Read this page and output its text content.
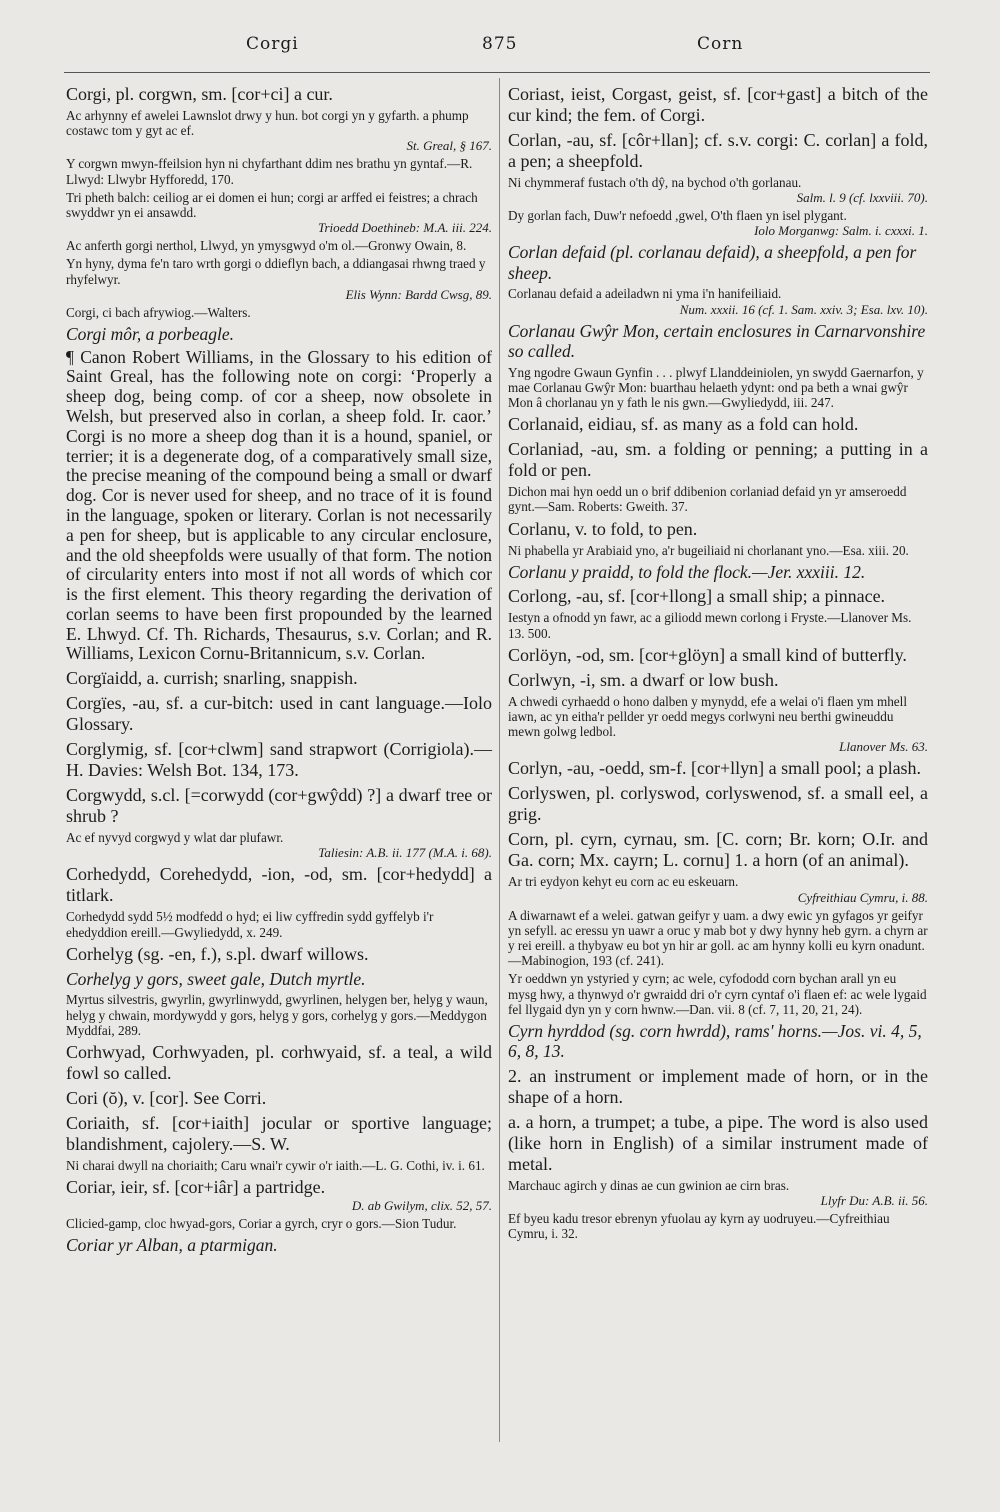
Corgi	875	Corn

Corgi, pl. corgwn, sm. [cor+ci] a cur.

Ac arhynny ef awelei Lawnslot drwy y hun. bot corgi yn y gyfarth. a phump costawc tom y gyt ac ef.

St. Greal, § 167.

Y corgwn mwyn-ffeilsion hyn ni chyfarthant ddim nes brathu yn gyntaf.—R. Llwyd: Llwybr Hyfforedd, 170.

Tri pheth balch: ceiliog ar ei domen ei hun; corgi ar arffed ei feistres; a chrach swyddwr yn ei ansawdd.

Trioedd Doethineb: M.A. iii. 224.

Ac anferth gorgi nerthol, Llwyd, yn ymysgwyd o'm ol.—Gronwy Owain, 8.

Yn hyny, dyma fe'n taro wrth gorgi o ddieflyn bach, a ddiangasai rhwng traed y rhyfelwyr.

Elis Wynn: Bardd Cwsg, 89.

Corgi, ci bach afrywiog.—Walters.

Corgi môr, a porbeagle.

¶ Canon Robert Williams, in the Glossary to his edition of Saint Greal, has the following note on corgi: ‘Properly a sheep dog, being comp. of cor a sheep, now obsolete in Welsh, but preserved also in corlan, a sheep fold. Ir. caor.’ Corgi is no more a sheep dog than it is a hound, spaniel, or terrier; it is a degenerate dog, of a comparatively small size, the precise meaning of the compound being a small or dwarf dog. Cor is never used for sheep, and no trace of it is found in the language, spoken or literary. Corlan is not necessarily a pen for sheep, but is applicable to any circular enclosure, and the old sheepfolds were usually of that form. The notion of circularity enters into most if not all words of which cor is the first element. This theory regarding the derivation of corlan seems to have been first propounded by the learned E. Lhwyd. Cf. Th. Richards, Thesaurus, s.v. Corlan; and R. Williams, Lexicon Cornu-Britannicum, s.v. Corlan.

Corgïaidd, a. currish; snarling, snappish.

Corgïes, -au, sf. a cur-bitch: used in cant language.—Iolo Glossary.

Corglymig, sf. [cor+clwm] sand strapwort (Corrigiola).—H. Davies: Welsh Bot. 134, 173.

Corgwydd, s.cl. [=corwydd (cor+gwŷdd) ?] a dwarf tree or shrub ?

Ac ef nyvyd corgwyd y wlat dar plufawr.

Taliesin: A.B. ii. 177 (M.A. i. 68).

Corhedydd, Corehedydd, -ion, -od, sm. [cor+hedydd] a titlark.

Corhedydd sydd 5½ modfedd o hyd; ei liw cyffredin sydd gyffelyb i'r ehedyddion ereill.—Gwyliedydd, x. 249.

Corhelyg (sg. -en, f.), s.pl. dwarf willows.

Corhelyg y gors, sweet gale, Dutch myrtle.

Myrtus silvestris, gwyrlin, gwyrlinwydd, gwyrlinen, helygen ber, helyg y waun, helyg y chwain, mordywydd y gors, helyg y gors, corhelyg y gors.—Meddygon Myddfai, 289.

Corhwyad, Corhwyaden, pl. corhwyaid, sf. a teal, a wild fowl so called.

Cori (ŏ), v. [cor]. See Corri.

Coriaith, sf. [cor+iaith] jocular or sportive language; blandishment, cajolery.—S. W.

Ni charai dwyll na choriaith; Caru wnai'r cywir o'r iaith.—L. G. Cothi, iv. i. 61.

Coriar, ieir, sf. [cor+iâr] a partridge.

D. ab Gwilym, clix. 52, 57.

Clicied-gamp, cloc hwyad-gors, Coriar a gyrch, cryr o gors.—Sion Tudur.

Coriar yr Alban, a ptarmigan.

Coriast, ieist, Corgast, geist, sf. [cor+gast] a bitch of the cur kind; the fem. of Corgi.

Corlan, -au, sf. [côr+llan]; cf. s.v. corgi: C. corlan] a fold, a pen; a sheepfold.

Ni chymmeraf fustach o'th dŷ, na bychod o'th gorlanau.

Salm. l. 9 (cf. lxxviii. 70).

Dy gorlan fach, Duw'r nefoedd ,gwel, O'th flaen yn isel plygant.

Iolo Morganwg: Salm. i. cxxxi. 1.

Corlan defaid (pl. corlanau defaid), a sheepfold, a pen for sheep.

Corlanau defaid a adeiladwn ni yma i'n hanifeiliaid.

Num. xxxii. 16 (cf. 1. Sam. xxiv. 3; Esa. lxv. 10).

Corlanau Gwŷr Mon, certain enclosures in Carnarvonshire so called.

Yng ngodre Gwaun Gynfin . . . plwyf Llanddeiniolen, yn swydd Gaernarfon, y mae Corlanau Gwŷr Mon: buarthau helaeth ydynt: ond pa beth a wnai gwŷr Mon â chorlanau yn y fath le nis gwn.—Gwyliedydd, iii. 247.

Corlanaid, eidiau, sf. as many as a fold can hold.

Corlaniad, -au, sm. a folding or penning; a putting in a fold or pen.

Dichon mai hyn oedd un o brif ddibenion corlaniad defaid yn yr amseroedd gynt.—Sam. Roberts: Gweith. 37.

Corlanu, v. to fold, to pen.

Ni phabella yr Arabiaid yno, a'r bugeiliaid ni chorlanant yno.—Esa. xiii. 20.

Corlanu y praidd, to fold the flock.—Jer. xxxiii. 12.

Corlong, -au, sf. [cor+llong] a small ship; a pinnace.

Iestyn a ofnodd yn fawr, ac a giliodd mewn corlong i Fryste.—Llanover Ms. 13. 500.

Corlöyn, -od, sm. [cor+glöyn] a small kind of butterfly.

Corlwyn, -i, sm. a dwarf or low bush.

A chwedi cyrhaedd o hono dalben y mynydd, efe a welai o'i flaen ym mhell iawn, ac yn eitha'r pellder yr oedd megys corlwyni neu berthi gwineuddu mewn golwg ledbol.

Llanover Ms. 63.

Corlyn, -au, -oedd, sm-f. [cor+llyn] a small pool; a plash.

Corlyswen, pl. corlyswod, corlyswenod, sf. a small eel, a grig.

Corn, pl. cyrn, cyrnau, sm. [C. corn; Br. korn; O.Ir. and Ga. corn; Mx. cayrn; L. cornu] 1. a horn (of an animal).

Ar tri eydyon kehyt eu corn ac eu eskeuarn.

Cyfreithiau Cymru, i. 88.

A diwarnawt ef a welei. gatwan geifyr y uam. a dwy ewic yn gyfagos yr geifyr yn sefyll. ac eressu yn uawr a oruc y mab bot y dwy hynny heb gyrn. a chyrn ar y rei ereill. a thybyaw eu bot yn hir ar goll. ac am hynny kolli eu kyrn onadunt.—Mabinogion, 193 (cf. 241).

Yr oeddwn yn ystyried y cyrn; ac wele, cyfododd corn bychan arall yn eu mysg hwy, a thynwyd o'r gwraidd dri o'r cyrn cyntaf o'i flaen ef: ac wele lygaid fel llygaid dyn yn y corn hwnw.—Dan. vii. 8 (cf. 7, 11, 20, 21, 24).

Cyrn hyrddod (sg. corn hwrdd), rams' horns.—Jos. vi. 4, 5, 6, 8, 13.

2. an instrument or implement made of horn, or in the shape of a horn.

a. a horn, a trumpet; a tube, a pipe. The word is also used (like horn in English) of a similar instrument made of metal.

Marchauc agirch y dinas ae cun gwinion ae cirn bras.

Llyfr Du: A.B. ii. 56.

Ef byeu kadu tresor ebrenyn yfuolau ay kyrn ay uodruyeu.—Cyfreithiau Cymru, i. 32.
